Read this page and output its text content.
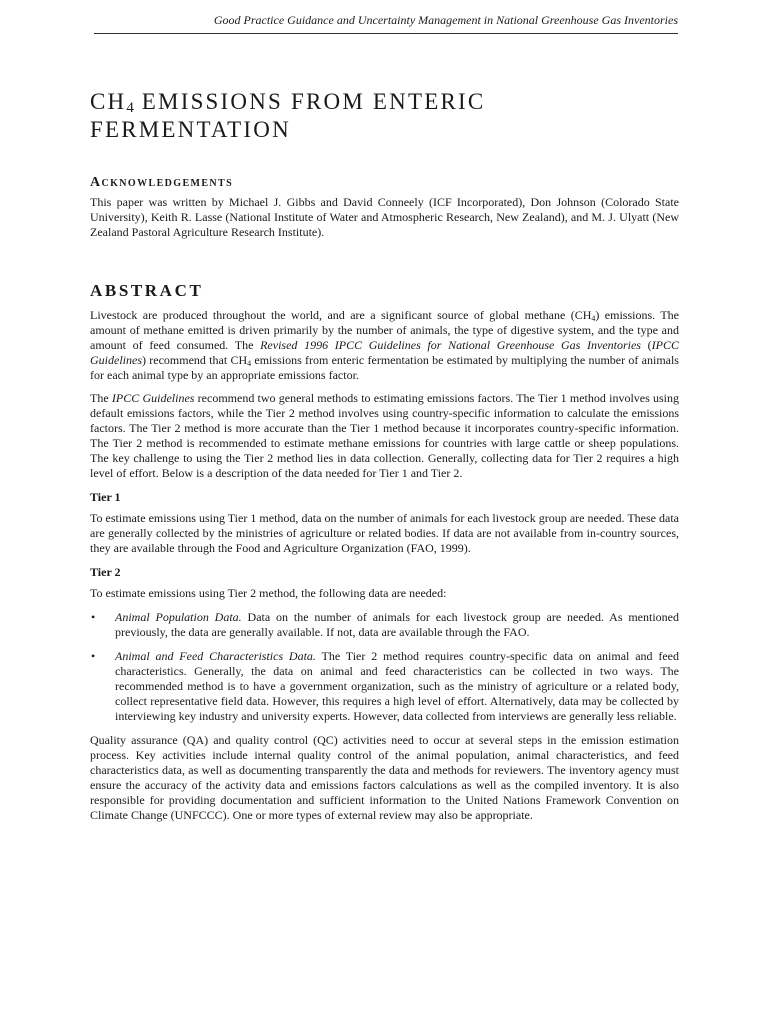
Good Practice Guidance and Uncertainty Management in National Greenhouse Gas Inventories
$CH_4$ EMISSIONS FROM ENTERIC
FERMENTATION
Acknowledgements

This paper was written by Michael J. Gibbs and David Conneely (ICF Incorporated), Don Johnson (Colorado State University), Keith R. Lasse (National Institute of Water and Atmospheric Research, New Zealand), and M. J. Ulyatt (New Zealand Pastoral Agriculture Research Institute).

ABSTRACT

Livestock are produced throughout the world, and are a significant source of global methane $(CH_4)$ emissions. The amount of methane emitted is driven primarily by the number of animals, the type of digestive system, and the type and amount of feed consumed. The Revised 1996 IPCC Guidelines for National Greenhouse Gas Inventories (IPCC Guidelines) recommend that $CH_4$ emissions from enteric fermentation be estimated by multiplying the number of animals for each animal type by an appropriate emissions factor.

The IPCC Guidelines recommend two general methods to estimating emissions factors. The Tier 1 method involves using default emissions factors, while the Tier 2 method involves using country-specific information to calculate the emissions factors. The Tier 2 method is more accurate than the Tier 1 method because it incorporates country-specific information. The Tier 2 method is recommended to estimate methane emissions for countries with large cattle or sheep populations. The key challenge to using the Tier 2 method lies in data collection. Generally, collecting data for Tier 2 requires a high level of effort. Below is a description of the data needed for Tier 1 and Tier 2.

Tier 1

To estimate emissions using Tier 1 method, data on the number of animals for each livestock group are needed. These data are generally collected by the ministries of agriculture or related bodies. If data are not available from in-country sources, they are available through the Food and Agriculture Organization (FAO, 1999).

Tier 2

To estimate emissions using Tier 2 method, the following data are needed:

• Animal Population Data. Data on the number of animals for each livestock group are needed. As mentioned previously, the data are generally available. If not, data are available through the FAO.

• Animal and Feed Characteristics Data. The Tier 2 method requires country-specific data on animal and feed characteristics. Generally, the data on animal and feed characteristics can be collected in two ways. The recommended method is to have a government organization, such as the ministry of agriculture or a related body, collect representative field data. However, this requires a high level of effort. Alternatively, data may be collected by interviewing key industry and university experts. However, data collected from interviews are generally less reliable.

Quality assurance (QA) and quality control (QC) activities need to occur at several steps in the emission estimation process. Key activities include internal quality control of the animal population, animal characteristics, and feed characteristics data, as well as documenting transparently the data and methods for reviewers. The inventory agency must ensure the accuracy of the activity data and emissions factors calculations as well as the compiled inventory. It is also responsible for providing documentation and sufficient information to the United Nations Framework Convention on Climate Change (UNFCCC). One or more types of external review may also be appropriate.
